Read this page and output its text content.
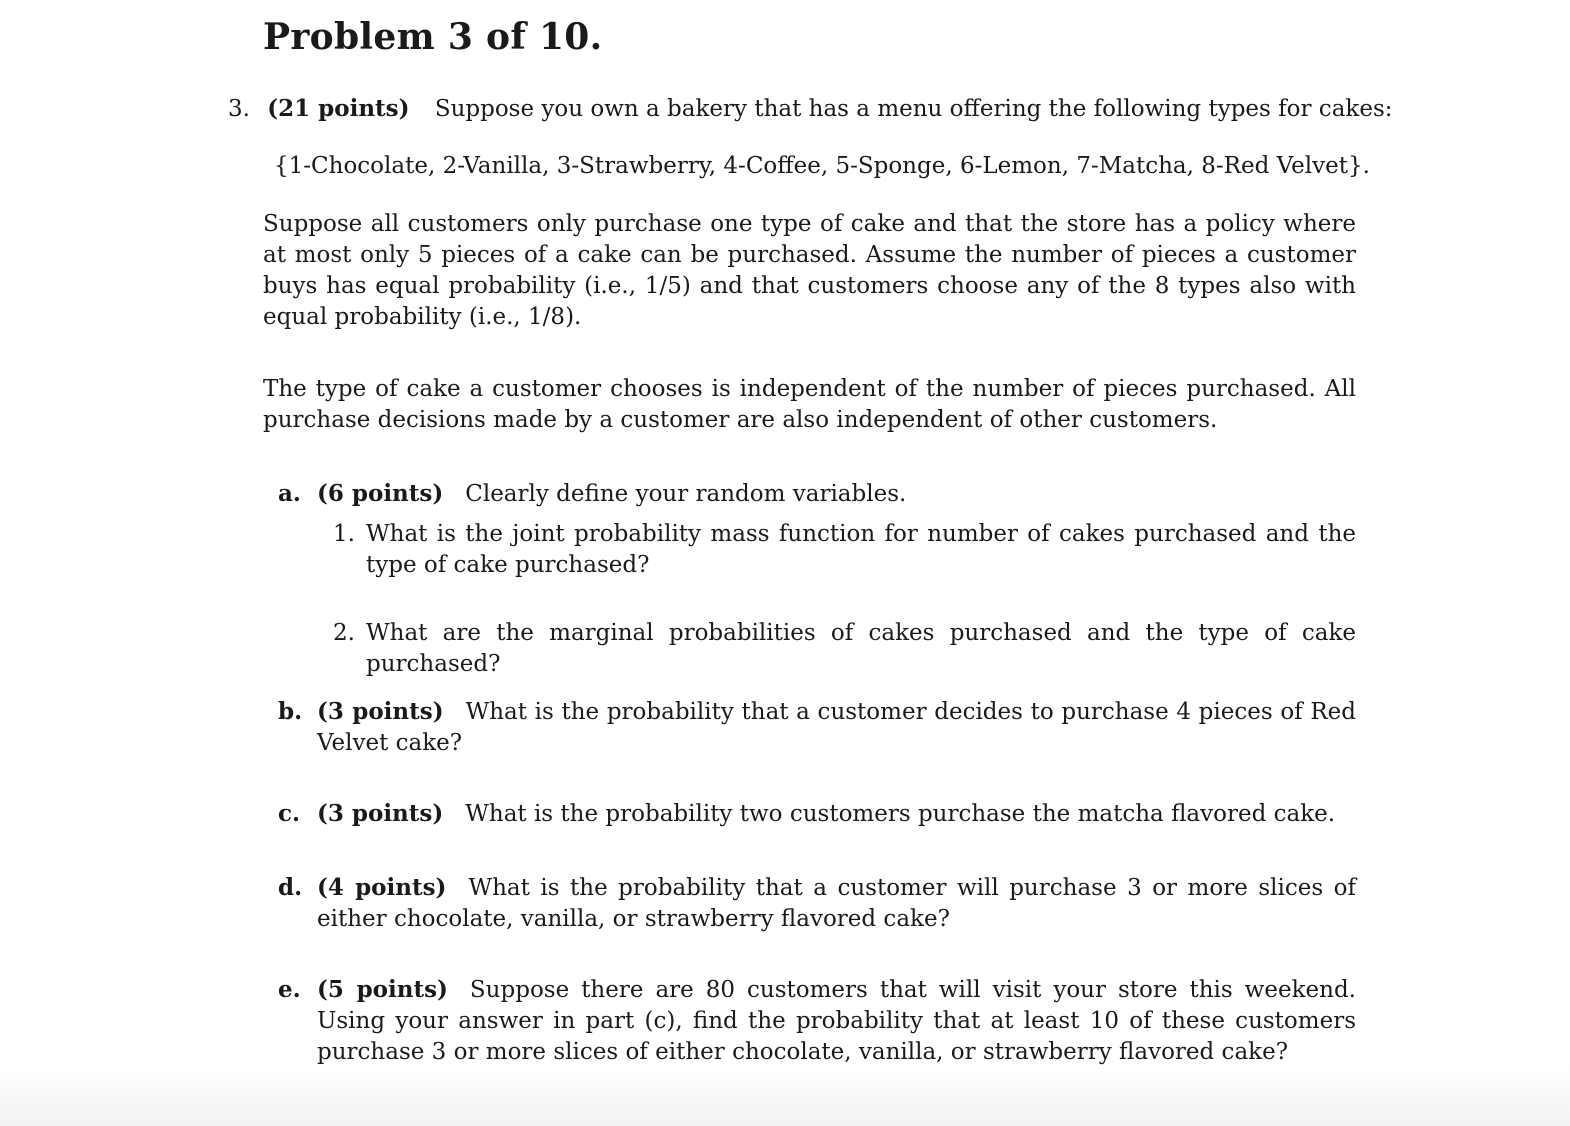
Problem 3 of 10.
3. (21 points) Suppose you own a bakery that has a menu offering the following types for cakes:
{1-Chocolate, 2-Vanilla, 3-Strawberry, 4-Coffee, 5-Sponge, 6-Lemon, 7-Matcha, 8-Red Velvet}.

Suppose all customers only purchase one type of cake and that the store has a policy where at most only 5 pieces of a cake can be purchased. Assume the number of pieces a customer buys has equal probability (i.e., 1/5) and that customers choose any of the 8 types also with equal probability (i.e., 1/8).

The type of cake a customer chooses is independent of the number of pieces purchased. All purchase decisions made by a customer are also independent of other customers.

a. (6 points) Clearly define your random variables.
1. What is the joint probability mass function for number of cakes purchased and the type of cake purchased?
2. What are the marginal probabilities of cakes purchased and the type of cake purchased?
b. (3 points) What is the probability that a customer decides to purchase 4 pieces of Red Velvet cake?
c. (3 points) What is the probability two customers purchase the matcha flavored cake.
d. (4 points) What is the probability that a customer will purchase 3 or more slices of either chocolate, vanilla, or strawberry flavored cake?
e. (5 points) Suppose there are 80 customers that will visit your store this weekend. Using your answer in part (c), find the probability that at least 10 of these customers purchase 3 or more slices of either chocolate, vanilla, or strawberry flavored cake?
